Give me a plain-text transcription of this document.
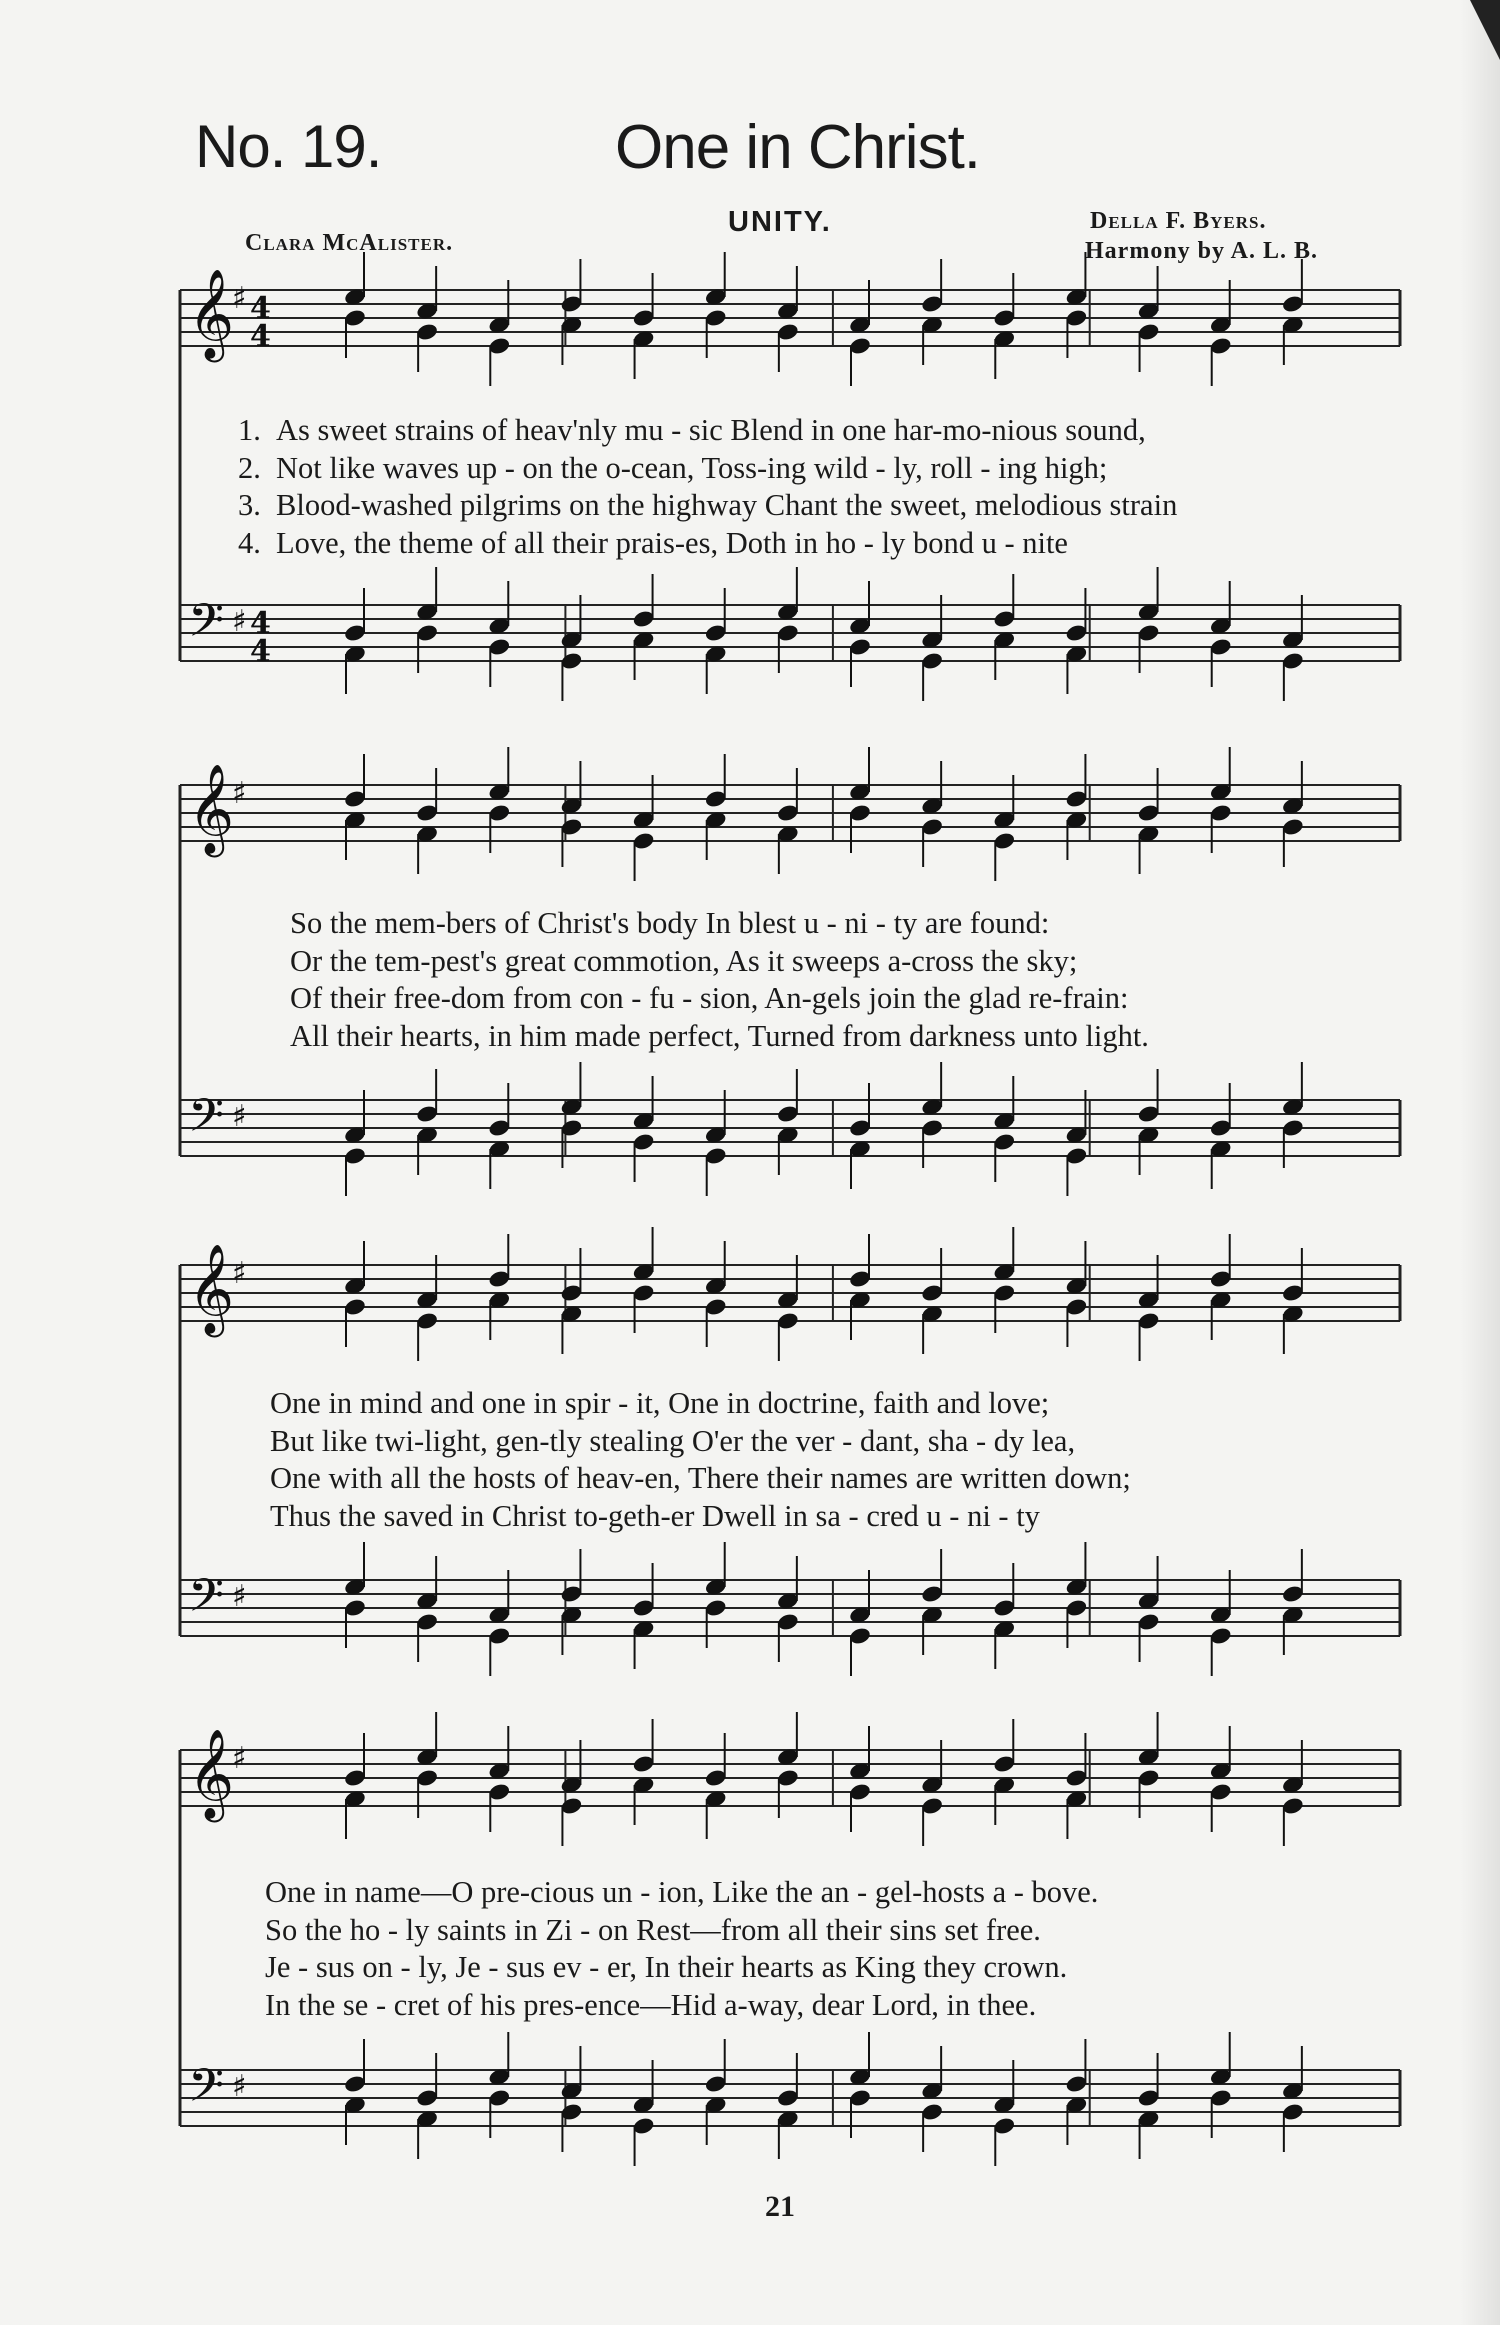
No. 19.	One in Christ.
UNITY.
Clara McAlister.
Della F. Byers.
Harmony by A. L. B.
𝄞
♯
𝄢 ♯
4
4
4
4
𝄞
♯
𝄢 ♯
𝄞
♯
𝄢 ♯
𝄞
♯
𝄢 ♯
1. As sweet strains of heav'nly mu - sic Blend in one har-mo-nious sound,
2. Not like waves up - on the o-cean, Toss-ing wild - ly, roll - ing high;
3. Blood-washed pilgrims on the highway Chant the sweet, melodious strain
4. Love, the theme of all their prais-es, Doth in ho - ly bond u - nite
So the mem-bers of Christ's body In blest u - ni - ty are found:
Or the tem-pest's great commotion, As it sweeps a-cross the sky;
Of their free-dom from con - fu - sion, An-gels join the glad re-frain:
All their hearts, in him made perfect, Turned from darkness unto light.
One in mind and one in spir - it, One in doctrine, faith and love;
But like twi-light, gen-tly stealing O'er the ver - dant, sha - dy lea,
One with all the hosts of heav-en, There their names are written down;
Thus the saved in Christ to-geth-er Dwell in sa - cred u - ni - ty
One in name—O pre-cious un - ion, Like the an - gel-hosts a - bove.
So the ho - ly saints in Zi - on Rest—from all their sins set free.
Je - sus on - ly, Je - sus ev - er, In their hearts as King they crown.
In the se - cret of his pres-ence—Hid a-way, dear Lord, in thee.
21
